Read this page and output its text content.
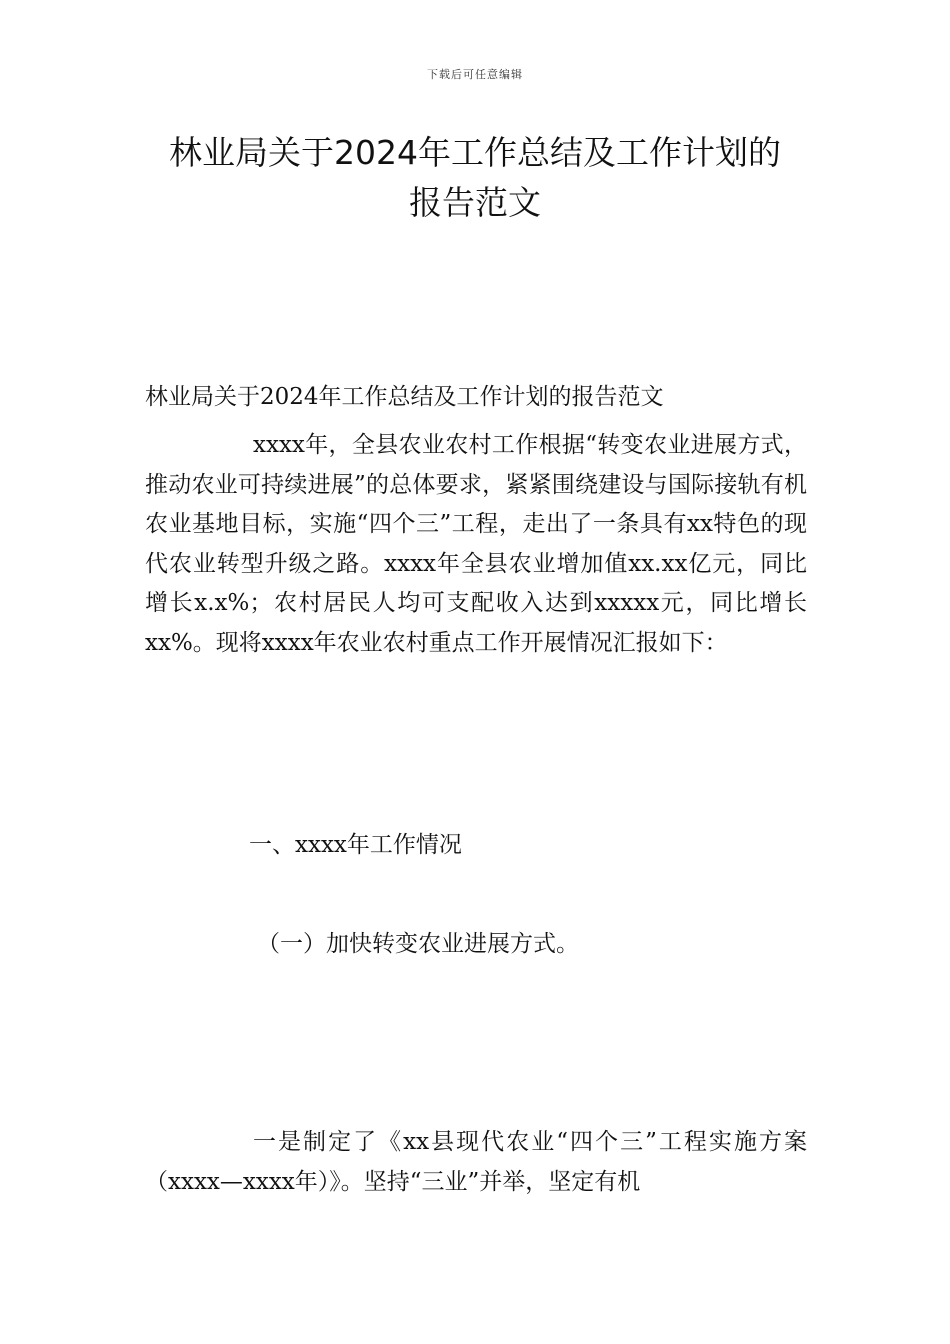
下载后可任意编辑
林业局关于2024年工作总结及工作计划的
报告范文

林业局关于2024年工作总结及工作计划的报告范文

xxxx年，全县农业农村工作根据“转变农业进展方式，推动农业可持续进展”的总体要求，紧紧围绕建设与国际接轨有机农业基地目标，实施“四个三”工程，走出了一条具有xx特色的现代农业转型升级之路。xxxx年全县农业增加值xx.xx亿元，同比增长x.x%；农村居民人均可支配收入达到xxxxx元，同比增长xx%。现将xxxx年农业农村重点工作开展情况汇报如下：

一、xxxx年工作情况

（一）加快转变农业进展方式。

一是制定了《xx县现代农业“四个三”工程实施方案（xxxx—xxxx年）》。坚持“三业”并举，坚定有机
